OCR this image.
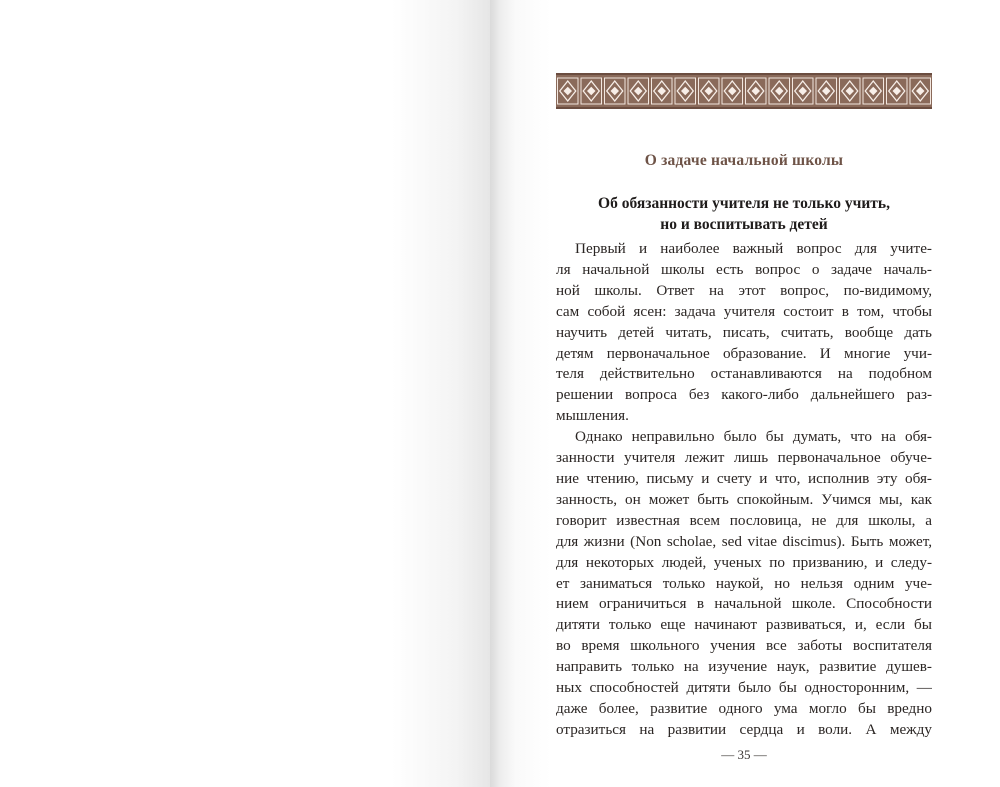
О задаче начальной школы
Об обязанности учителя не только учить,
но и воспитывать детей
Первый и наиболее важный вопрос для учите-
ля начальной школы есть вопрос о задаче началь-
ной школы. Ответ на этот вопрос, по-видимому,
сам собой ясен: задача учителя состоит в том, чтобы
научить детей читать, писать, считать, вообще дать
детям первоначальное образование. И многие учи-
теля действительно останавливаются на подобном
решении вопроса без какого-либо дальнейшего раз-
мышления.
Однако неправильно было бы думать, что на обя-
занности учителя лежит лишь первоначальное обуче-
ние чтению, письму и счету и что, исполнив эту обя-
занность, он может быть спокойным. Учимся мы, как
говорит известная всем пословица, не для школы, а
для жизни (Non scholae, sed vitae discimus). Быть может,
для некоторых людей, ученых по призванию, и следу-
ет заниматься только наукой, но нельзя одним уче-
нием ограничиться в начальной школе. Способности
дитяти только еще начинают развиваться, и, если бы
во время школьного учения все заботы воспитателя
направить только на изучение наук, развитие душев-
ных способностей дитяти было бы односторонним, —
даже более, развитие одного ума могло бы вредно
отразиться на развитии сердца и воли. А между
— 35 —
